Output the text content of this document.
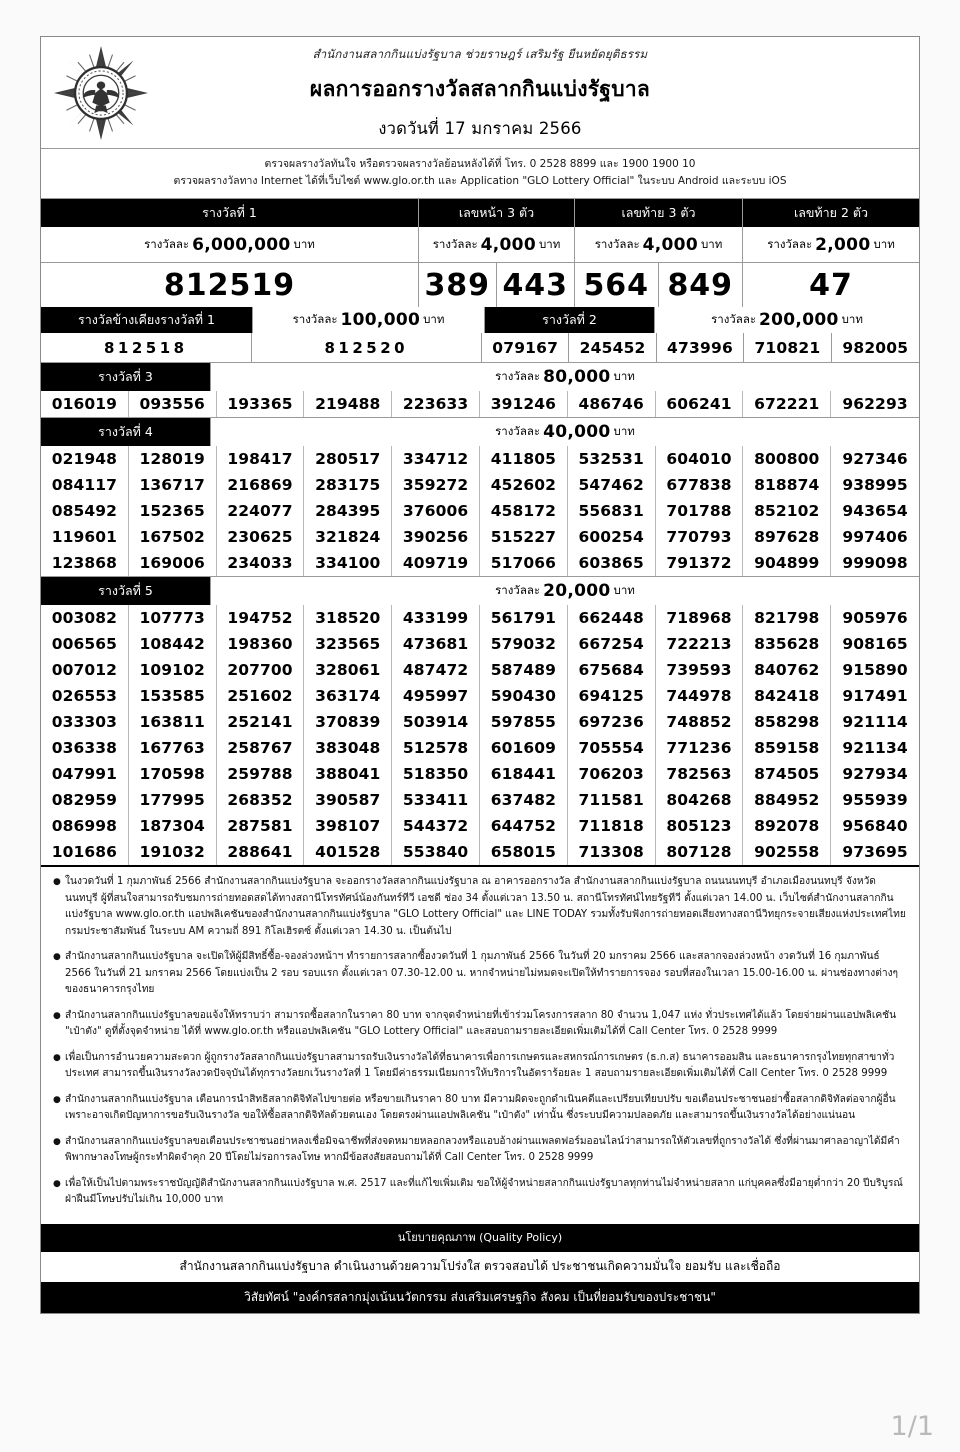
สำนักงานสลากกินแบ่งรัฐบาล ช่วยราษฎร์ เสริมรัฐ ยืนหยัดยุติธรรม
ผลการออกรางวัลสลากกินแบ่งรัฐบาล
งวดวันที่ 17 มกราคม 2566
ตรวจผลรางวัลทันใจ หรือตรวจผลรางวัลย้อนหลังได้ที่ โทร. 0 2528 8899 และ 1900 1900 10
ตรวจผลรางวัลทาง Internet ได้ที่เว็บไซต์ www.glo.or.th และ Application "GLO Lottery Official" ในระบบ Android และระบบ iOS
รางวัลที่ 1	เลขหน้า 3 ตัว	เลขท้าย 3 ตัว	เลขท้าย 2 ตัว
รางวัลละ 6,000,000 บาท	รางวัลละ 4,000 บาท	รางวัลละ 4,000 บาท	รางวัลละ 2,000 บาท
812519	389 443 564 849	47
รางวัลข้างเคียงรางวัลที่ 1	รางวัลละ 100,000 บาท	รางวัลที่ 2	รางวัลละ 200,000 บาท
812518	812520	079167	245452	473996	710821	982005
รางวัลที่ 3	รางวัลละ 80,000 บาท
016019	093556	193365	219488	223633	391246	486746	606241	672221	962293
รางวัลที่ 4	รางวัลละ 40,000 บาท
021948	128019	198417	280517	334712	411805	532531	604010	800800	927346
084117	136717	216869	283175	359272	452602	547462	677838	818874	938995
085492	152365	224077	284395	376006	458172	556831	701788	852102	943654
119601	167502	230625	321824	390256	515227	600254	770793	897628	997406
123868	169006	234033	334100	409719	517066	603865	791372	904899	999098
รางวัลที่ 5	รางวัลละ 20,000 บาท
003082	107773	194752	318520	433199	561791	662448	718968	821798	905976
006565	108442	198360	323565	473681	579032	667254	722213	835628	908165
007012	109102	207700	328061	487472	587489	675684	739593	840762	915890
026553	153585	251602	363174	495997	590430	694125	744978	842418	917491
033303	163811	252141	370839	503914	597855	697236	748852	858298	921114
036338	167763	258767	383048	512578	601609	705554	771236	859158	921134
047991	170598	259788	388041	518350	618441	706203	782563	874505	927934
082959	177995	268352	390587	533411	637482	711581	804268	884952	955939
086998	187304	287581	398107	544372	644752	711818	805123	892078	956840
101686	191032	288641	401528	553840	658015	713308	807128	902558	973695
● ในงวดวันที่ 1 กุมภาพันธ์ 2566 สำนักงานสลากกินแบ่งรัฐบาล จะออกรางวัลสลากกินแบ่งรัฐบาล ณ อาคารออกรางวัล สำนักงานสลากกินแบ่งรัฐบาล ถนนนนทบุรี อำเภอเมืองนนทบุรี จังหวัดนนทบุรี ผู้ที่สนใจสามารถรับชมการถ่ายทอดสดได้ทางสถานีโทรทัศน์น้องกันทร์ทีวี เอชดี ช่อง 34 ตั้งแต่เวลา 13.50 น. สถานีโทรทัศน์ไทยรัฐทีวี ตั้งแต่เวลา 14.00 น. เว็บไซต์สำนักงานสลากกินแบ่งรัฐบาล www.glo.or.th แอปพลิเคชันของสำนักงานสลากกินแบ่งรัฐบาล "GLO Lottery Official" และ LINE TODAY รวมทั้งรับฟังการถ่ายทอดเสียงทางสถานีวิทยุกระจายเสียงแห่งประเทศไทย กรมประชาสัมพันธ์ ในระบบ AM ความถี่ 891 กิโลเฮิรตซ์ ตั้งแต่เวลา 14.30 น. เป็นต้นไป
● สำนักงานสลากกินแบ่งรัฐบาล จะเปิดให้ผู้มีสิทธิ์ซื้อ-จองล่วงหน้าฯ ทำรายการสลากซื้องวดวันที่ 1 กุมภาพันธ์ 2566 ในวันที่ 20 มกราคม 2566 และสลากจองล่วงหน้า งวดวันที่ 16 กุมภาพันธ์ 2566 ในวันที่ 21 มกราคม 2566 โดยแบ่งเป็น 2 รอบ รอบแรก ตั้งแต่เวลา 07.30-12.00 น. หากจำหน่ายไม่หมดจะเปิดให้ทำรายการจอง รอบที่สองในเวลา 15.00-16.00 น. ผ่านช่องทางต่างๆ ของธนาคารกรุงไทย
● สำนักงานสลากกินแบ่งรัฐบาลขอแจ้งให้ทราบว่า สามารถซื้อสลากในราคา 80 บาท จากจุดจำหน่ายที่เข้าร่วมโครงการสลาก 80 จำนวน 1,047 แห่ง ทั่วประเทศได้แล้ว โดยจ่ายผ่านแอปพลิเคชัน "เป๋าตัง" ดูที่ตั้งจุดจำหน่าย ได้ที่ www.glo.or.th หรือแอปพลิเคชัน "GLO Lottery Official" และสอบถามรายละเอียดเพิ่มเติมได้ที่ Call Center โทร. 0 2528 9999
● เพื่อเป็นการอำนวยความสะดวก ผู้ถูกรางวัลสลากกินแบ่งรัฐบาลสามารถรับเงินรางวัลได้ที่ธนาคารเพื่อการเกษตรและสหกรณ์การเกษตร (ธ.ก.ส) ธนาคารออมสิน และธนาคารกรุงไทยทุกสาขาทั่วประเทศ สามารถขึ้นเงินรางวัลงวดปัจจุบันได้ทุกรางวัลยกเว้นรางวัลที่ 1 โดยมีค่าธรรมเนียมการให้บริการในอัตราร้อยละ 1 สอบถามรายละเอียดเพิ่มเติมได้ที่ Call Center โทร. 0 2528 9999
● สำนักงานสลากกินแบ่งรัฐบาล เตือนการนำสิทธิสลากดิจิทัลไปขายต่อ หรือขายเกินราคา 80 บาท มีความผิดจะถูกดำเนินคดีและเปรียบเทียบปรับ ขอเตือนประชาชนอย่าซื้อสลากดิจิทัลต่อจากผู้อื่นเพราะอาจเกิดปัญหาการขอรับเงินรางวัล ขอให้ซื้อสลากดิจิทัลด้วยตนเอง โดยตรงผ่านแอปพลิเคชัน "เป๋าตัง" เท่านั้น ซึ่งระบบมีความปลอดภัย และสามารถขึ้นเงินรางวัลได้อย่างแน่นอน
● สำนักงานสลากกินแบ่งรัฐบาลขอเตือนประชาชนอย่าหลงเชื่อมิจฉาชีพที่ส่งจดหมายหลอกลวงหรือแอบอ้างผ่านแพลตฟอร์มออนไลน์ว่าสามารถให้ตัวเลขที่ถูกรางวัลได้ ซึ่งที่ผ่านมาศาลอาญาได้มีคำพิพากษาลงโทษผู้กระทำผิดจำคุก 20 ปีโดยไม่รอการลงโทษ หากมีข้อสงสัยสอบถามได้ที่ Call Center โทร. 0 2528 9999
● เพื่อให้เป็นไปตามพระราชบัญญัติสำนักงานสลากกินแบ่งรัฐบาล พ.ศ. 2517 และที่แก้ไขเพิ่มเติม ขอให้ผู้จำหน่ายสลากกินแบ่งรัฐบาลทุกท่านไม่จำหน่ายสลาก แก่บุคคลซึ่งมีอายุต่ำกว่า 20 ปีบริบูรณ์ ฝ่าฝืนมีโทษปรับไม่เกิน 10,000 บาท
นโยบายคุณภาพ (Quality Policy)
สำนักงานสลากกินแบ่งรัฐบาล ดำเนินงานด้วยความโปร่งใส ตรวจสอบได้ ประชาชนเกิดความมั่นใจ ยอมรับ และเชื่อถือ
วิสัยทัศน์ "องค์กรสลากมุ่งเน้นนวัตกรรม ส่งเสริมเศรษฐกิจ สังคม เป็นที่ยอมรับของประชาชน"
1/1
